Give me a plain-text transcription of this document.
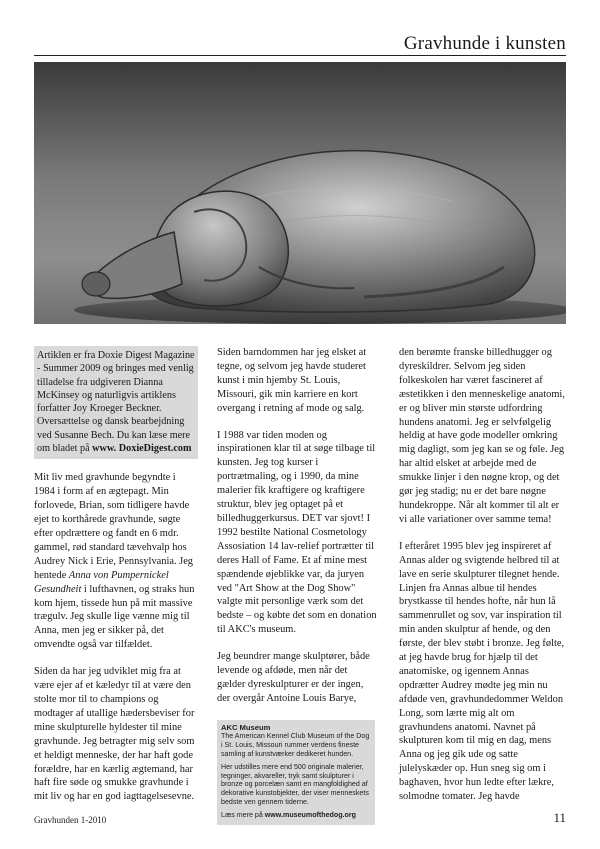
Gravhunde i kunsten
Artiklen er fra Doxie Digest Magazine - Summer 2009 og bringes med venlig tilladelse fra udgiveren Dianna McKinsey og naturligvis artiklens forfatter Joy Kroeger Beckner. Oversættelse og dansk bearbejdning ved Susanne Bech. Du kan læse mere om bladet på www. DoxieDigest.com

Mit liv med gravhunde begyndte i 1984 i form af en ægtepagt. Min forlovede, Brian, som tidligere havde ejet to korthårede gravhunde, søgte efter opdrættere og fandt en 6 mdr. gammel, rød standard tævehvalp hos Audrey Nick i Erie, Pennsylvania. Jeg hentede Anna von Pumpernickel Gesundheit i lufthavnen, og straks hun kom hjem, tissede hun på mit massive trægulv. Jeg skulle lige vænne mig til Anna, men jeg er sikker på, det omvendte også var tilfældet.

Siden da har jeg udviklet mig fra at være ejer af et kæledyr til at være den stolte mor til to champions og modtager af utallige hædersbeviser for mine skulpturelle hyldester til mine gravhunde. Jeg betragter mig selv som et heldigt menneske, der har haft gode forældre, har en kærlig ægtemand, har haft fire søde og smukke gravhunde i mit liv og har en god iagttagelsesevne.

Siden barndommen har jeg elsket at tegne, og selvom jeg havde studeret kunst i min hjemby St. Louis, Missouri, gik min karriere en kort overgang i retning af mode og salg.

I 1988 var tiden moden og inspirationen klar til at søge tilbage til kunsten. Jeg tog kurser i portrætmaling, og i 1990, da mine malerier fik kraftigere og kraftigere struktur, blev jeg optaget på et billedhuggerkursus. DET var sjovt! I 1992 bestilte National Cosmetology Assosiation 14 lav-relief portrætter til deres Hall of Fame. Et af mine mest spændende øjeblikke var, da juryen ved "Art Show at the Dog Show" valgte mit personlige værk som det bedste – og købte det som en donation til AKC's museum.

Jeg beundrer mange skulptører, både levende og afdøde, men når det gælder dyreskulpturer er der ingen, der overgår Antoine Louis Barye,

AKC Museum

The American Kennel Club Museum of the Dog i St. Louis, Missouri rummer verdens fineste samling af kunstværker dedikeret hunden.

Her udstilles mere end 500 originale malerier, tegninger, akvareller, tryk samt skulpturer i bronze og porcelæn samt en mangfoldighed af dekorative kunstobjekter, der viser menneskets bedste ven gennem tiderne.

Læs mere på www.museumofthedog.org

den berømte franske billedhugger og dyreskildrer. Selvom jeg siden folkeskolen har været fascineret af æstetikken i den menneskelige anatomi, er og bliver min største udfordring hundens anatomi. Jeg er selvfølgelig heldig at have gode modeller omkring mig dagligt, som jeg kan se og føle. Jeg har altid elsket at arbejde med de smukke linjer i den nøgne krop, og det gør jeg stadig; nu er det bare nøgne hundekroppe. Når alt kommer til alt er vi alle variationer over samme tema!

I efteråret 1995 blev jeg inspireret af Annas alder og svigtende helbred til at lave en serie skulpturer tilegnet hende. Linjen fra Annas albue til hendes brystkasse til hendes hofte, når hun lå sammenrullet og sov, var inspiration til min anden skulptur af hende, og den første, der blev støbt i bronze. Jeg følte, at jeg havde brug for hjælp til det anatomiske, og igennem Annas opdrætter Audrey mødte jeg min nu afdøde ven, gravhundedommer Weldon Long, som lærte mig alt om gravhundens anatomi. Navnet på skulpturen kom til mig en dag, mens Anna og jeg gik ude og satte julelyskæder op. Hun sneg sig om i baghaven, hvor hun ledte efter lækre, solmodne tomater. Jeg havde

Gravhunden 1-2010	11
